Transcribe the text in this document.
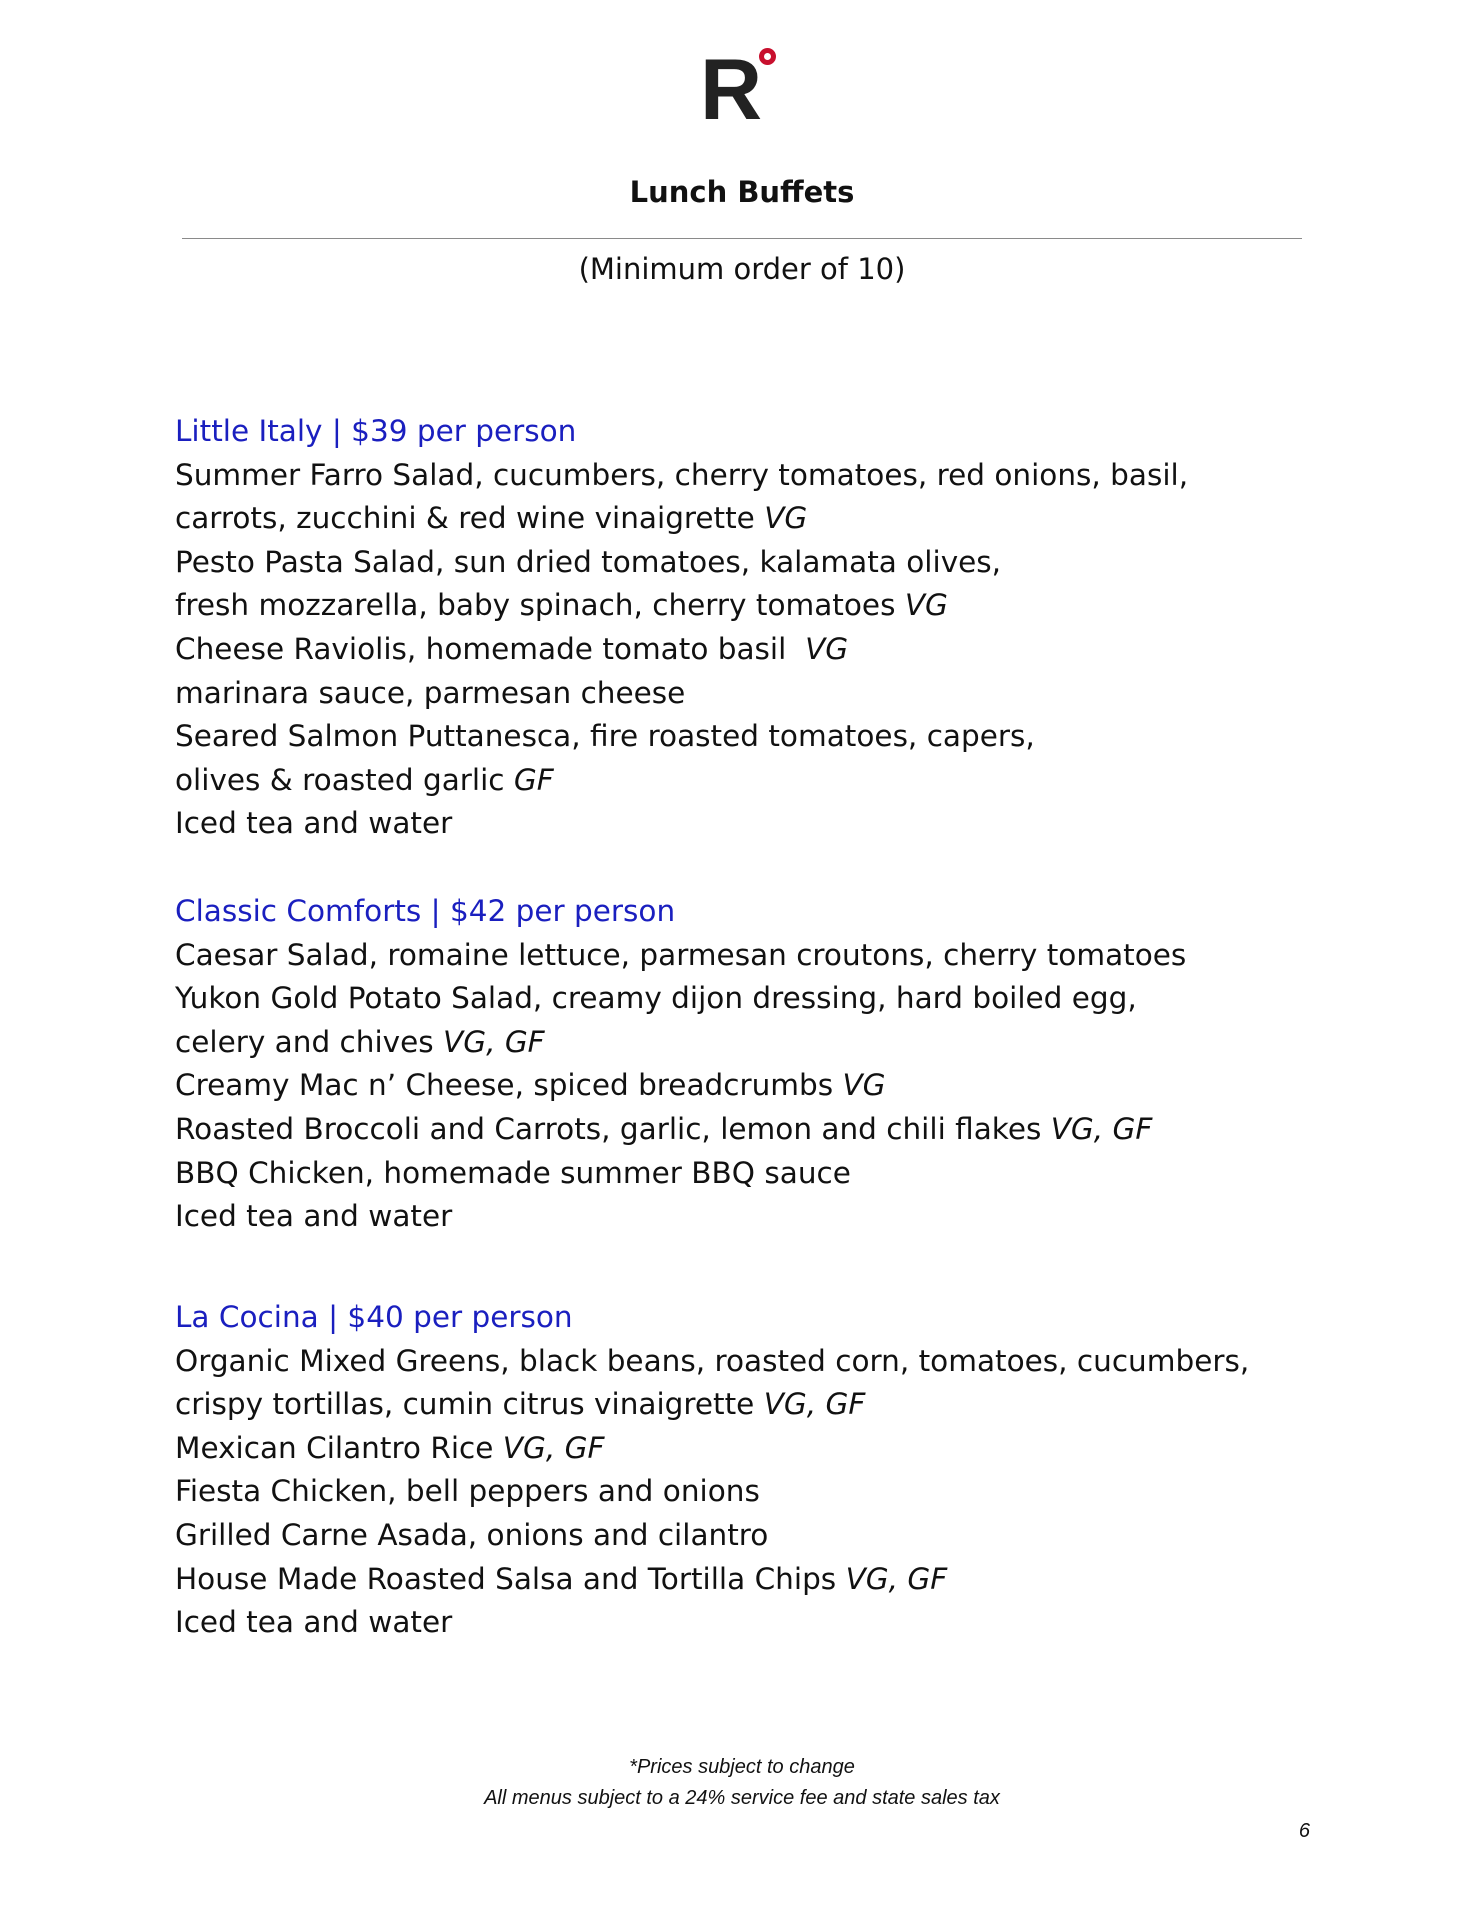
R
Lunch Buffets
(Minimum order of 10)
Little Italy | $39 per person
Summer Farro Salad, cucumbers, cherry tomatoes, red onions, basil,
carrots, zucchini & red wine vinaigrette VG
Pesto Pasta Salad, sun dried tomatoes, kalamata olives,
fresh mozzarella, baby spinach, cherry tomatoes VG
Cheese Raviolis, homemade tomato basil  VG
marinara sauce, parmesan cheese
Seared Salmon Puttanesca, fire roasted tomatoes, capers,
olives & roasted garlic GF
Iced tea and water
Classic Comforts | $42 per person
Caesar Salad, romaine lettuce, parmesan croutons, cherry tomatoes
Yukon Gold Potato Salad, creamy dijon dressing, hard boiled egg,
celery and chives VG, GF
Creamy Mac n’ Cheese, spiced breadcrumbs VG
Roasted Broccoli and Carrots, garlic, lemon and chili flakes VG, GF
BBQ Chicken, homemade summer BBQ sauce
Iced tea and water
La Cocina | $40 per person
Organic Mixed Greens, black beans, roasted corn, tomatoes, cucumbers,
crispy tortillas, cumin citrus vinaigrette VG, GF
Mexican Cilantro Rice VG, GF
Fiesta Chicken, bell peppers and onions
Grilled Carne Asada, onions and cilantro
House Made Roasted Salsa and Tortilla Chips VG, GF
Iced tea and water
*Prices subject to change
All menus subject to a 24% service fee and state sales tax
6
